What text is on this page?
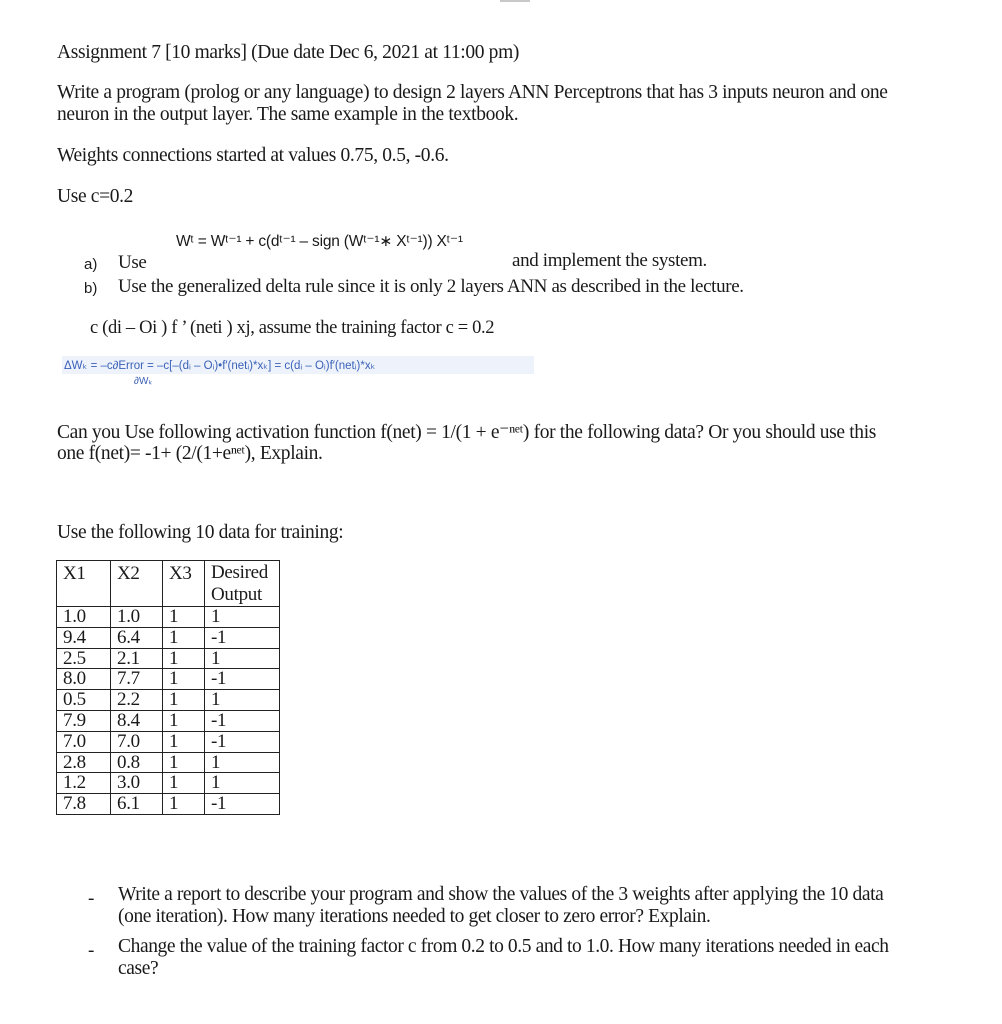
Assignment 7 [10 marks] (Due date Dec 6, 2021 at 11:00 pm)
Write a program (prolog or any language) to design 2 layers ANN Perceptrons that has 3 inputs neuron and one
neuron in the output layer. The same example in the textbook.
Weights connections started at values 0.75, 0.5, -0.6.
Use c=0.2
Wᵗ = Wᵗ⁻¹ + c(dᵗ⁻¹ – sign (Wᵗ⁻¹∗ Xᵗ⁻¹)) Xᵗ⁻¹
a) Use	and implement the system.
b) Use the generalized delta rule since it is only 2 layers ANN as described in the lecture.
c (di – Oi ) f ’ (neti ) xj, assume the training factor c = 0.2
ΔWₖ = –c∂Error = –c[–(dᵢ – Oᵢ)•f′(netᵢ)*xₖ] = c(dᵢ – Oᵢ)f′(netᵢ)*xₖ
∂Wₖ
Can you Use following activation function f(net) = 1/(1 + e⁻ⁿᵉᵗ) for the following data? Or you should use this
one f(net)= -1+ (2/(1+eⁿᵉᵗ), Explain.
Use the following 10 data for training:
X1	X2	X3	Desired Output
1.0	1.0	1	1
9.4	6.4	1	-1
2.5	2.1	1	1
8.0	7.7	1	-1
0.5	2.2	1	1
7.9	8.4	1	-1
7.0	7.0	1	-1
2.8	0.8	1	1
1.2	3.0	1	1
7.8	6.1	1	-1
- Write a report to describe your program and show the values of the 3 weights after applying the 10 data
(one iteration). How many iterations needed to get closer to zero error? Explain.
- Change the value of the training factor c from 0.2 to 0.5 and to 1.0. How many iterations needed in each
case?
